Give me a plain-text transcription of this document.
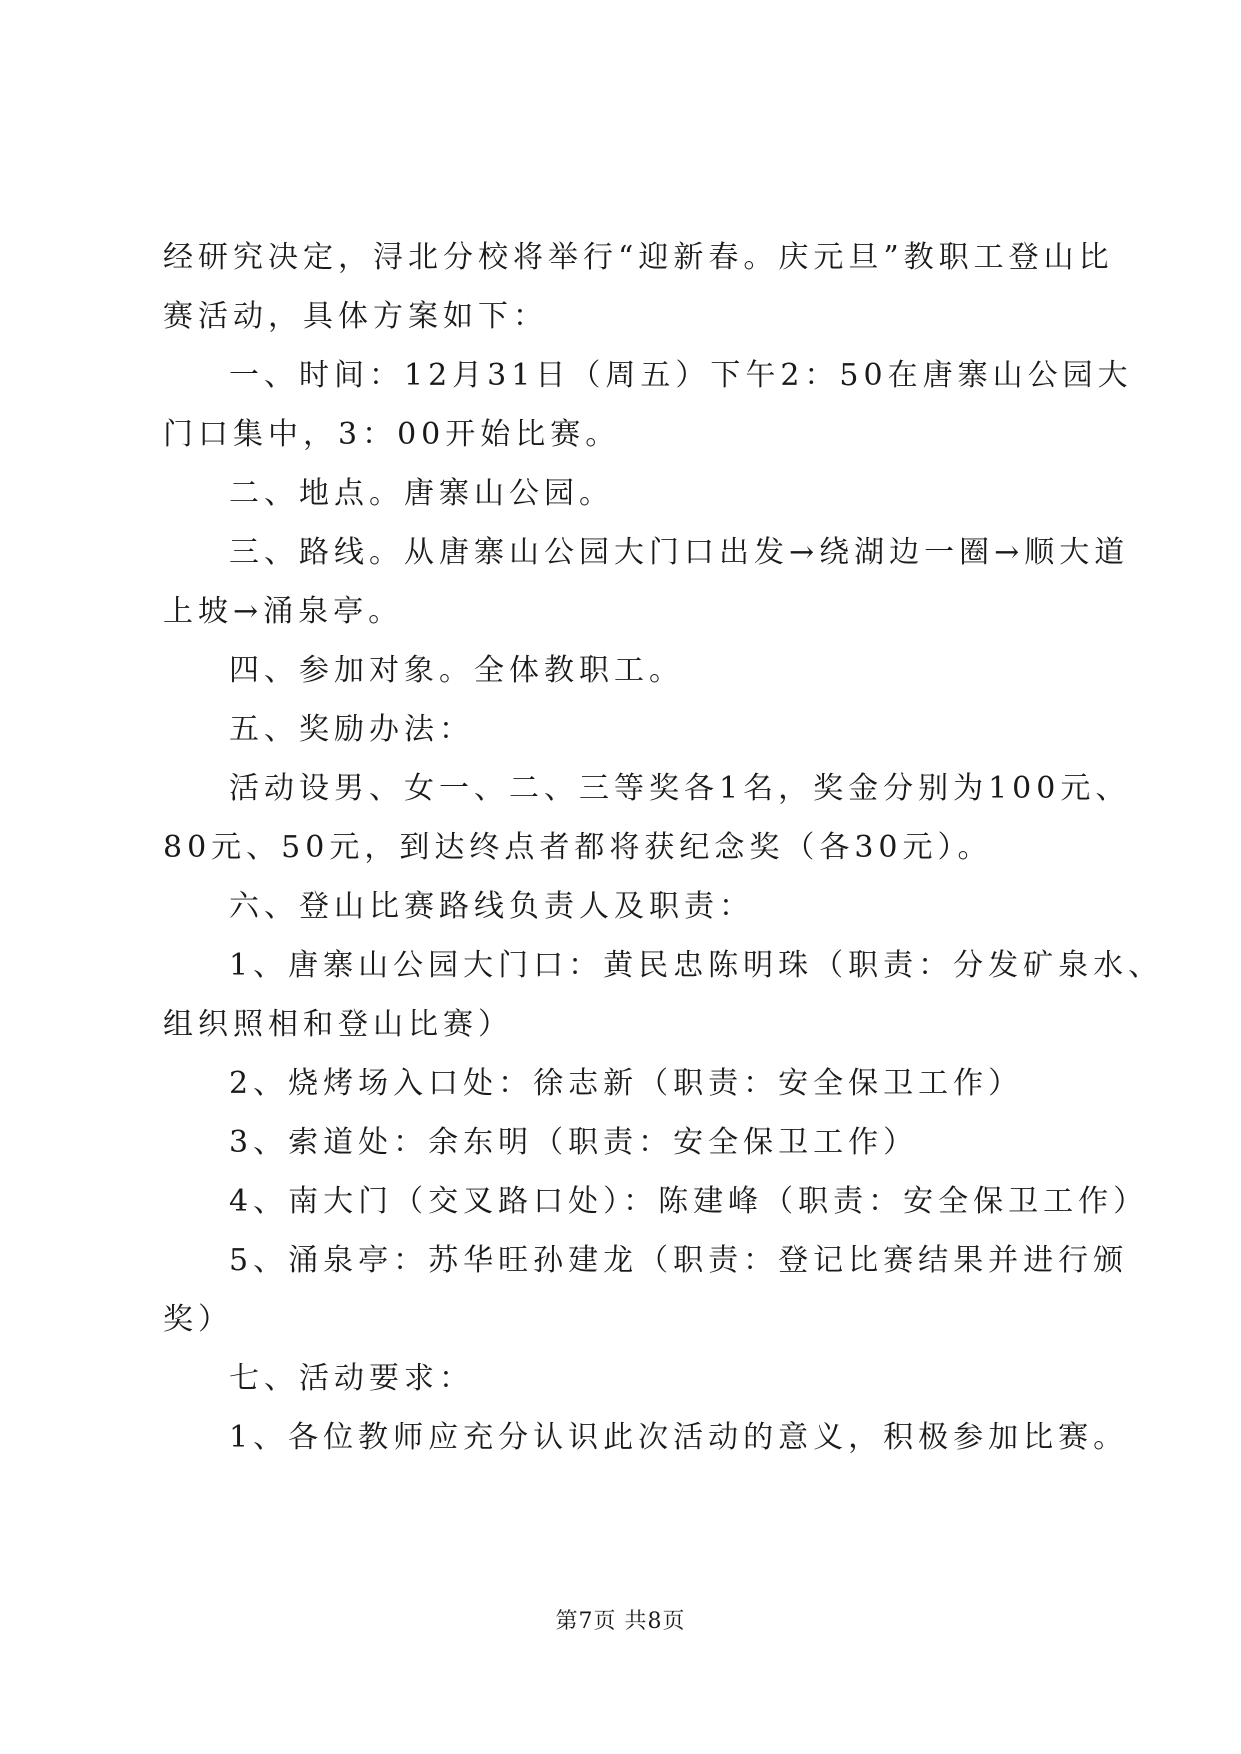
经研究决定，浔北分校将举行“迎新春。庆元旦”教职工登山比
赛活动，具体方案如下：
一、时间：12月31日（周五）下午2：50在唐寨山公园大
门口集中，3：00开始比赛。
二、地点。唐寨山公园。
三、路线。从唐寨山公园大门口出发→绕湖边一圈→顺大道
上坡→涌泉亭。
四、参加对象。全体教职工。
五、奖励办法：
活动设男、女一、二、三等奖各1名，奖金分别为100元、
80元、50元，到达终点者都将获纪念奖（各30元）。
六、登山比赛路线负责人及职责：
1、唐寨山公园大门口：黄民忠陈明珠（职责：分发矿泉水、
组织照相和登山比赛）
2、烧烤场入口处：徐志新（职责：安全保卫工作）
3、索道处：余东明（职责：安全保卫工作）
4、南大门（交叉路口处）：陈建峰（职责：安全保卫工作）
5、涌泉亭：苏华旺孙建龙（职责：登记比赛结果并进行颁
奖）
七、活动要求：
1、各位教师应充分认识此次活动的意义，积极参加比赛。
第7页 共8页
